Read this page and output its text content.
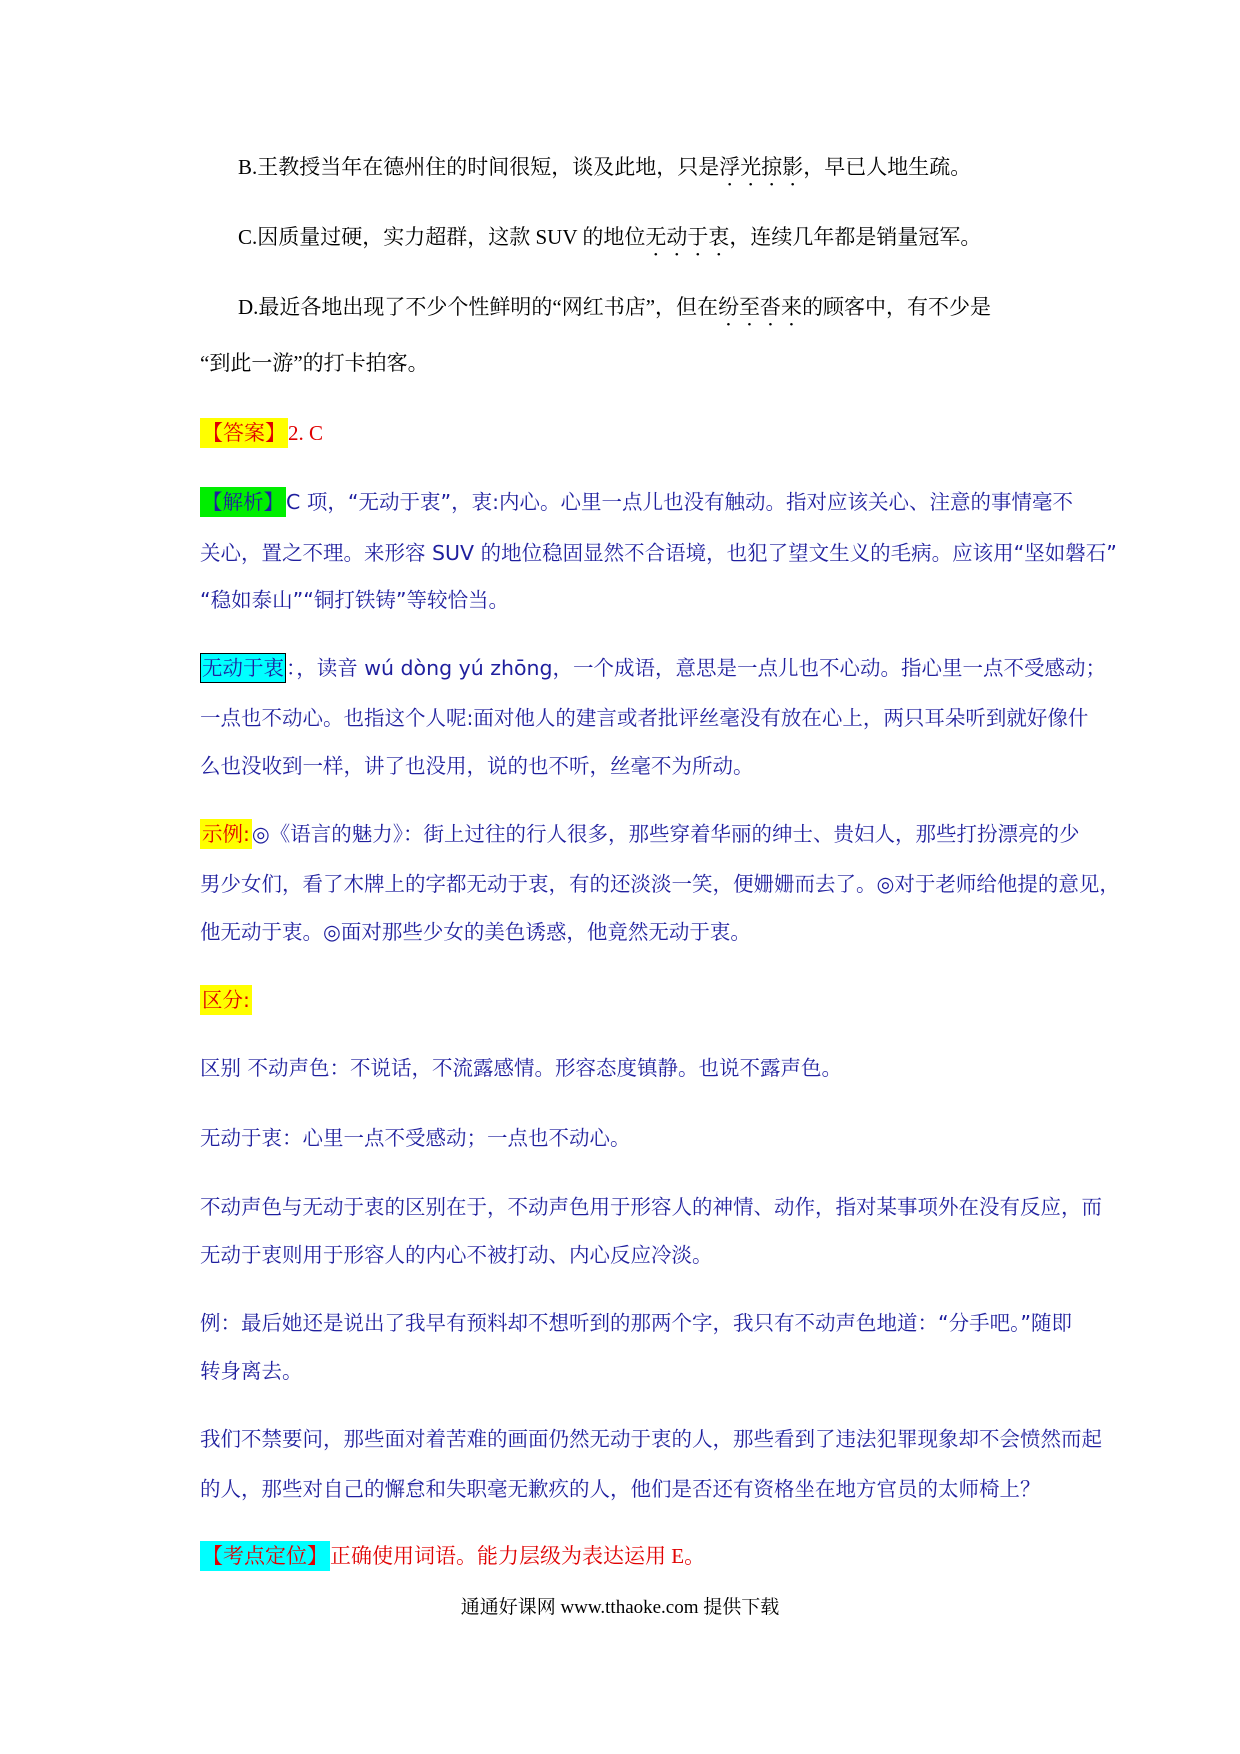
B.王教授当年在德州住的时间很短，谈及此地，只是浮光掠影，早已人地生疏。
C.因质量过硬，实力超群，这款 SUV 的地位无动于衷，连续几年都是销量冠军。
D.最近各地出现了不少个性鲜明的“网红书店”，但在纷至沓来的顾客中，有不少是
“到此一游”的打卡拍客。
【答案】2. C
【解析】C 项，“无动于衷”，衷:内心。心里一点儿也没有触动。指对应该关心、注意的事情毫不
关心，置之不理。来形容 SUV 的地位稳固显然不合语境，也犯了望文生义的毛病。应该用“坚如磐石”
“稳如泰山”“铜打铁铸”等较恰当。
无动于衷：，读音 wú dòng yú zhōng，一个成语，意思是一点儿也不心动。指心里一点不受感动；
一点也不动心。也指这个人呢:面对他人的建言或者批评丝毫没有放在心上，两只耳朵听到就好像什
么也没收到一样，讲了也没用，说的也不听，丝毫不为所动。
示例:◎《语言的魅力》：街上过往的行人很多，那些穿着华丽的绅士、贵妇人，那些打扮漂亮的少
男少女们，看了木牌上的字都无动于衷，有的还淡淡一笑，便姗姗而去了。◎对于老师给他提的意见，
他无动于衷。◎面对那些少女的美色诱惑，他竟然无动于衷。
区分:
区别 不动声色：不说话，不流露感情。形容态度镇静。也说不露声色。
无动于衷：心里一点不受感动；一点也不动心。
不动声色与无动于衷的区别在于，不动声色用于形容人的神情、动作，指对某事项外在没有反应，而
无动于衷则用于形容人的内心不被打动、内心反应冷淡。
例：最后她还是说出了我早有预料却不想听到的那两个字，我只有不动声色地道：“分手吧。”随即
转身离去。
我们不禁要问，那些面对着苦难的画面仍然无动于衷的人，那些看到了违法犯罪现象却不会愤然而起
的人，那些对自己的懈怠和失职毫无歉疚的人，他们是否还有资格坐在地方官员的太师椅上？
【考点定位】正确使用词语。能力层级为表达运用 E。
通通好课网 www.tthaoke.com 提供下载
